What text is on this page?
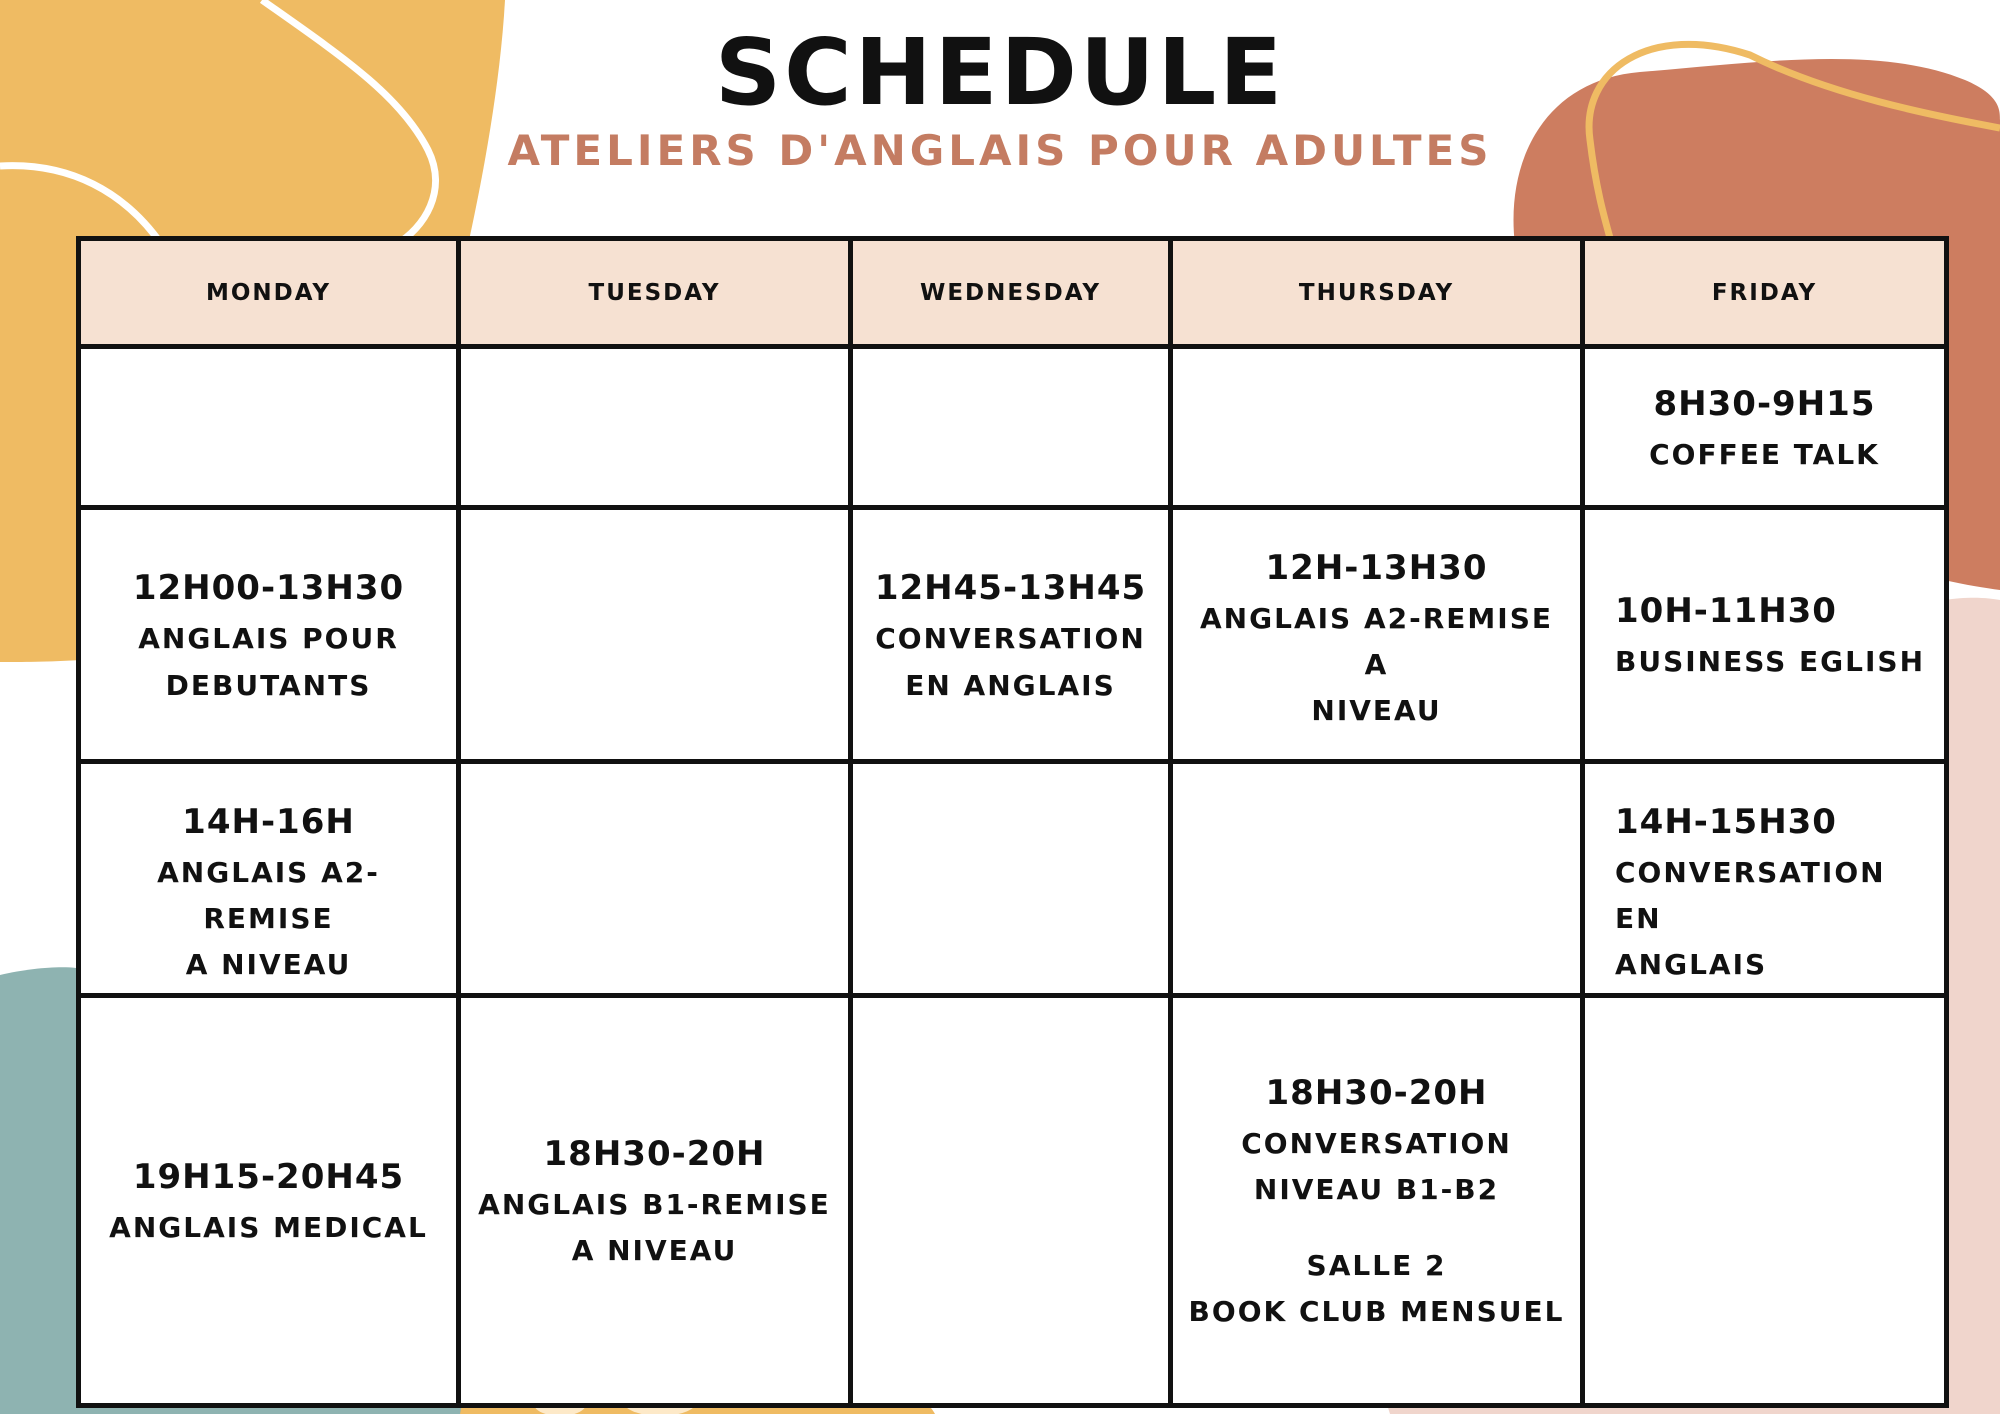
SCHEDULE
ATELIERS D'ANGLAIS POUR ADULTES
MONDAY	TUESDAY	WEDNESDAY	THURSDAY	FRIDAY

				8H30-9H15
COFFEE TALK

12H00-13H30
ANGLAIS POUR
DEBUTANTS		12H45-13H45
CONVERSATION
EN ANGLAIS	12H-13H30
ANGLAIS A2-REMISE A
NIVEAU	10H-11H30
BUSINESS EGLISH

14H-16H
ANGLAIS A2-REMISE
A NIVEAU				14H-15H30
CONVERSATION EN
ANGLAIS

19H15-20H45
ANGLAIS MEDICAL	18H30-20H
ANGLAIS B1-REMISE
A NIVEAU		18H30-20H
CONVERSATION
NIVEAU B1-B2
SALLE 2
BOOK CLUB MENSUEL	
